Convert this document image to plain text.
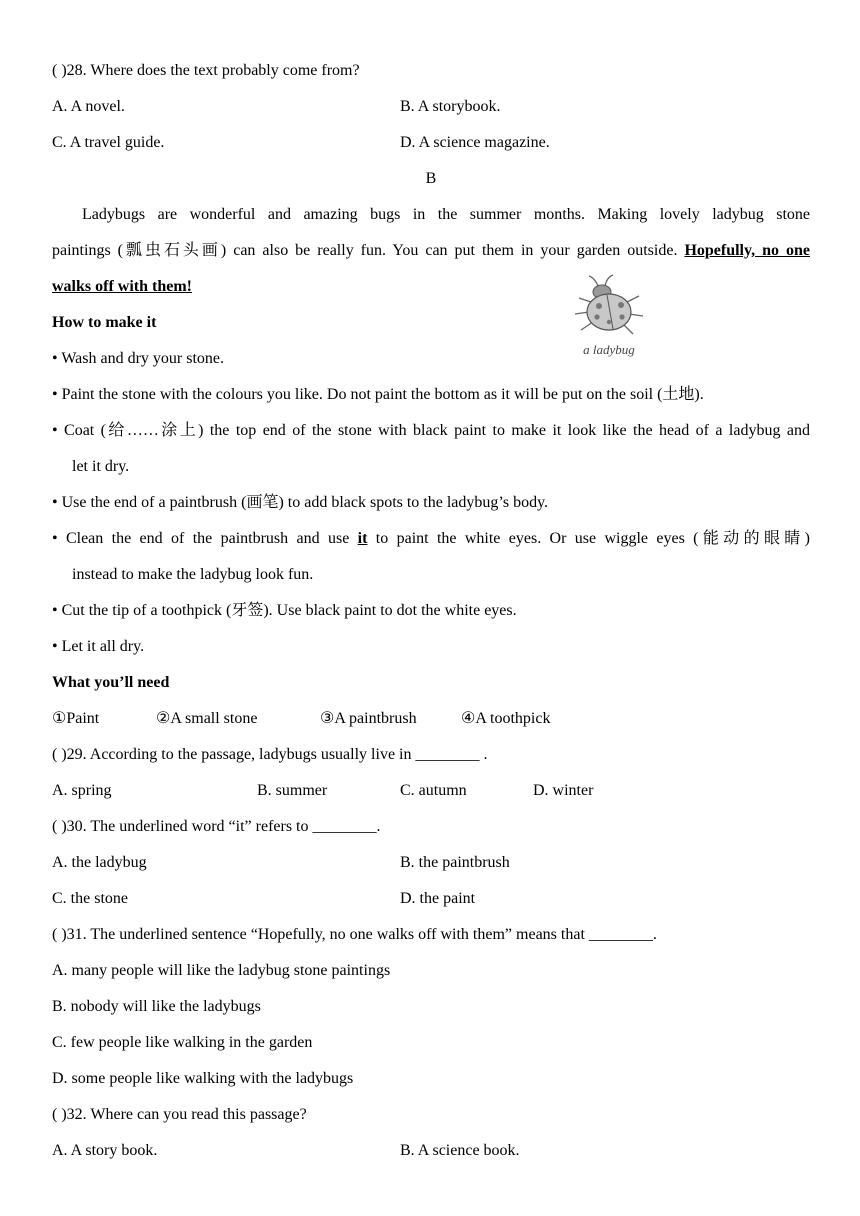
( )28. Where does the text probably come from?
A. A novel.	B. A storybook.
C. A travel guide.	D. A science magazine.
B
Ladybugs are wonderful and amazing bugs in the summer months. Making lovely ladybug stone
paintings (瓢虫石头画) can also be really fun. You can put them in your garden outside. Hopefully, no one
walks off with them!
How to make it
a ladybug
• Wash and dry your stone.
• Paint the stone with the colours you like. Do not paint the bottom as it will be put on the soil (土地).
• Coat (给……涂上) the top end of the stone with black paint to make it look like the head of a ladybug and
let it dry.
• Use the end of a paintbrush (画笔) to add black spots to the ladybug’s body.
• Clean the end of the paintbrush and use it to paint the white eyes. Or use wiggle eyes (能动的眼睛)
instead to make the ladybug look fun.
• Cut the tip of a toothpick (牙签). Use black paint to dot the white eyes.
• Let it all dry.
What you’ll need
①Paint	②A small stone	③A paintbrush	④A toothpick
( )29. According to the passage, ladybugs usually live in ________ .
A. spring	B. summer	C. autumn	D. winter
( )30. The underlined word “it” refers to ________.
A. the ladybug	B. the paintbrush
C. the stone	D. the paint
( )31. The underlined sentence “Hopefully, no one walks off with them” means that ________.
A. many people will like the ladybug stone paintings
B. nobody will like the ladybugs
C. few people like walking in the garden
D. some people like walking with the ladybugs
( )32. Where can you read this passage?
A. A story book.	B. A science book.
